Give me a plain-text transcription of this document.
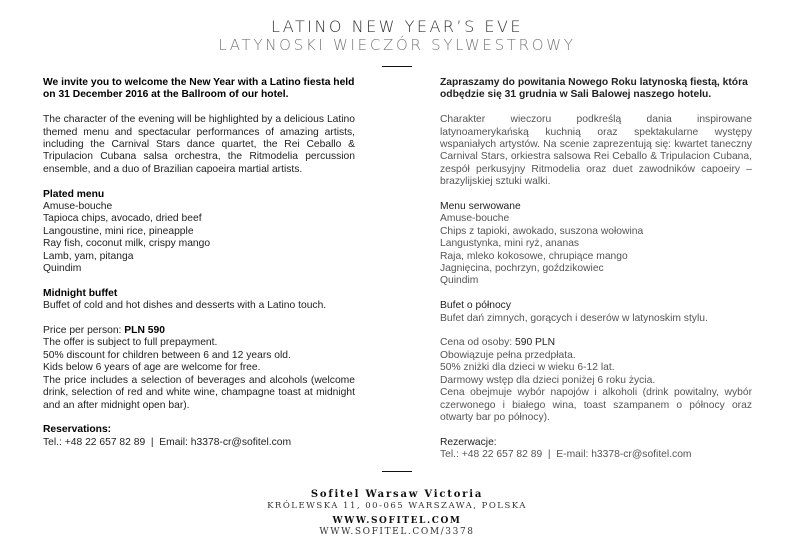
LATINO NEW YEAR’S EVE
LATYNOSKI WIECZÓR SYLWESTROWY

We invite you to welcome the New Year with a Latino fiesta held on 31 December 2016 at the Ballroom of our hotel.

The character of the evening will be highlighted by a delicious Latino themed menu and spectacular performances of amazing artists, including the Carnival Stars dance quartet, the Rei Ceballo & Tripulacion Cubana salsa orchestra, the Ritmodelia percussion ensemble, and a duo of Brazilian capoeira martial artists.

Plated menu

Amuse-bouche

Tapioca chips, avocado, dried beef

Langoustine, mini rice, pineapple

Ray fish, coconut milk, crispy mango

Lamb, yam, pitanga

Quindim

Midnight buffet

Buffet of cold and hot dishes and desserts with a Latino touch.

Price per person: PLN 590

The offer is subject to full prepayment.

50% discount for children between 6 and 12 years old.

Kids below 6 years of age are welcome for free.

The price includes a selection of beverages and alcohols (welcome drink, selection of red and white wine, champagne toast at midnight and an after midnight open bar).

Reservations:

Tel.: +48 22 657 82 89  |  Email: h3378-cr@sofitel.com

Zapraszamy do powitania Nowego Roku latynoską fiestą, która odbędzie się 31 grudnia w Sali Balowej naszego hotelu.

Charakter wieczoru podkreślą dania inspirowane latynoamerykańską kuchnią oraz spektakularne występy wspaniałych artystów. Na scenie zaprezentują się: kwartet taneczny Carnival Stars, orkiestra salsowa Rei Ceballo & Tripulacion Cubana, zespół perkusyjny Ritmodelia oraz duet zawodników capoeiry – brazylijskiej sztuki walki.

Menu serwowane

Amuse-bouche

Chips z tapioki, awokado, suszona wołowina

Langustynka, mini ryż, ananas

Raja, mleko kokosowe, chrupiące mango

Jagnięcina, pochrzyn, goździkowiec

Quindim

Bufet o północy

Bufet dań zimnych, gorących i deserów w latynoskim stylu.

Cena od osoby: 590 PLN

Obowiązuje pełna przedpłata.

50% zniżki dla dzieci w wieku 6-12 lat.

Darmowy wstęp dla dzieci poniżej 6 roku życia.

Cena obejmuje wybór napojów i alkoholi (drink powitalny, wybór czerwonego i białego wina, toast szampanem o północy oraz otwarty bar po północy).

Rezerwacje:

Tel.: +48 22 657 82 89  |  E-mail: h3378-cr@sofitel.com

Sofitel Warsaw Victoria
KRÓLEWSKA 11, 00-065 WARSZAWA, POLSKA
WWW.SOFITEL.COM
WWW.SOFITEL.COM/3378
